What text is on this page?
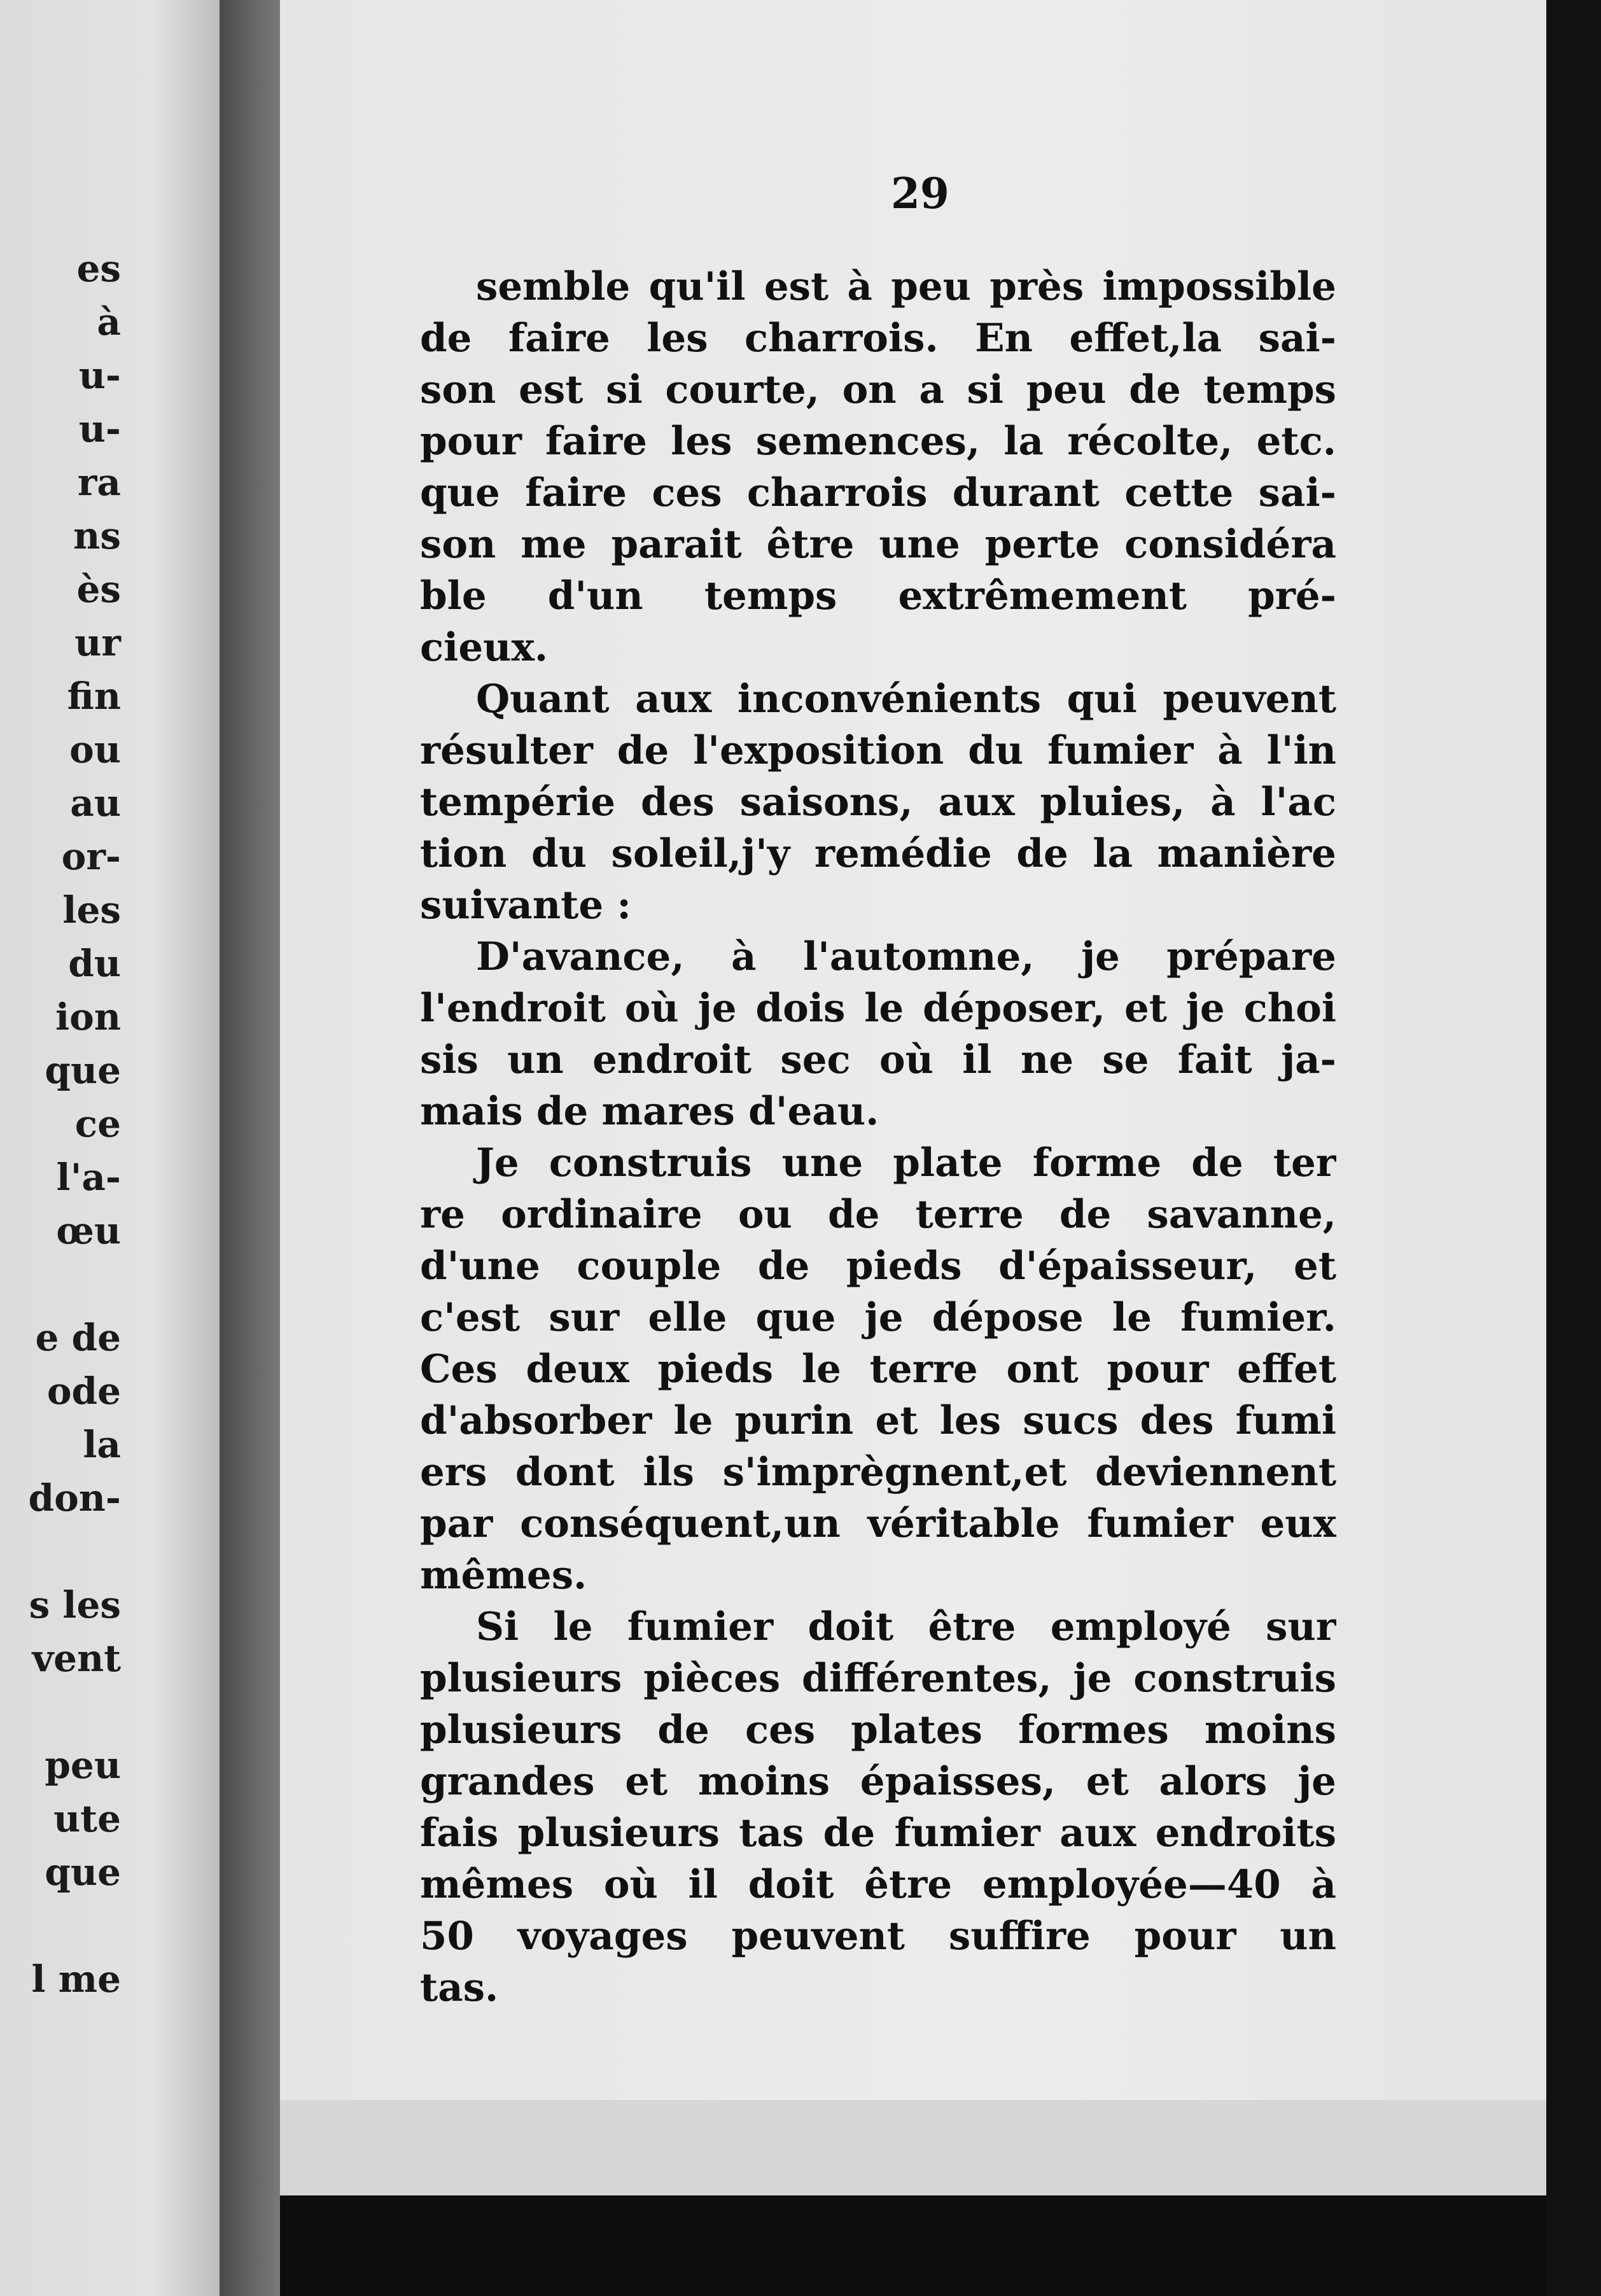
es
à
u-
u-
ra
ns
ès
ur
fin
ou
au
or-
les
du
ion
que
ce
l'a-
œu
e de
ode
la
don-
s les
vent
peu
ute
que
l me
29
semble qu'il est à peu près impossible
de faire les charrois. En effet,la sai-
son est si courte, on a si peu de temps
pour faire les semences, la récolte, etc.
que faire ces charrois durant cette sai-
son me parait être une perte considéra
ble d'un temps extrêmement pré-
cieux.
Quant aux inconvénients qui peuvent
résulter de l'exposition du fumier à l'in
tempérie des saisons, aux pluies, à l'ac
tion du soleil,j'y remédie de la manière
suivante :
D'avance, à l'automne, je prépare
l'endroit où je dois le déposer, et je choi
sis un endroit sec où il ne se fait ja-
mais de mares d'eau.
Je construis une plate forme de ter
re ordinaire ou de terre de savanne,
d'une couple de pieds d'épaisseur, et
c'est sur elle que je dépose le fumier.
Ces deux pieds le terre ont pour effet
d'absorber le purin et les sucs des fumi
ers dont ils s'imprègnent,et deviennent
par conséquent,un véritable fumier eux
mêmes.
Si le fumier doit être employé sur
plusieurs pièces différentes, je construis
plusieurs de ces plates formes moins
grandes et moins épaisses, et alors je
fais plusieurs tas de fumier aux endroits
mêmes où il doit être employée—40 à
50 voyages peuvent suffire pour un
tas.
